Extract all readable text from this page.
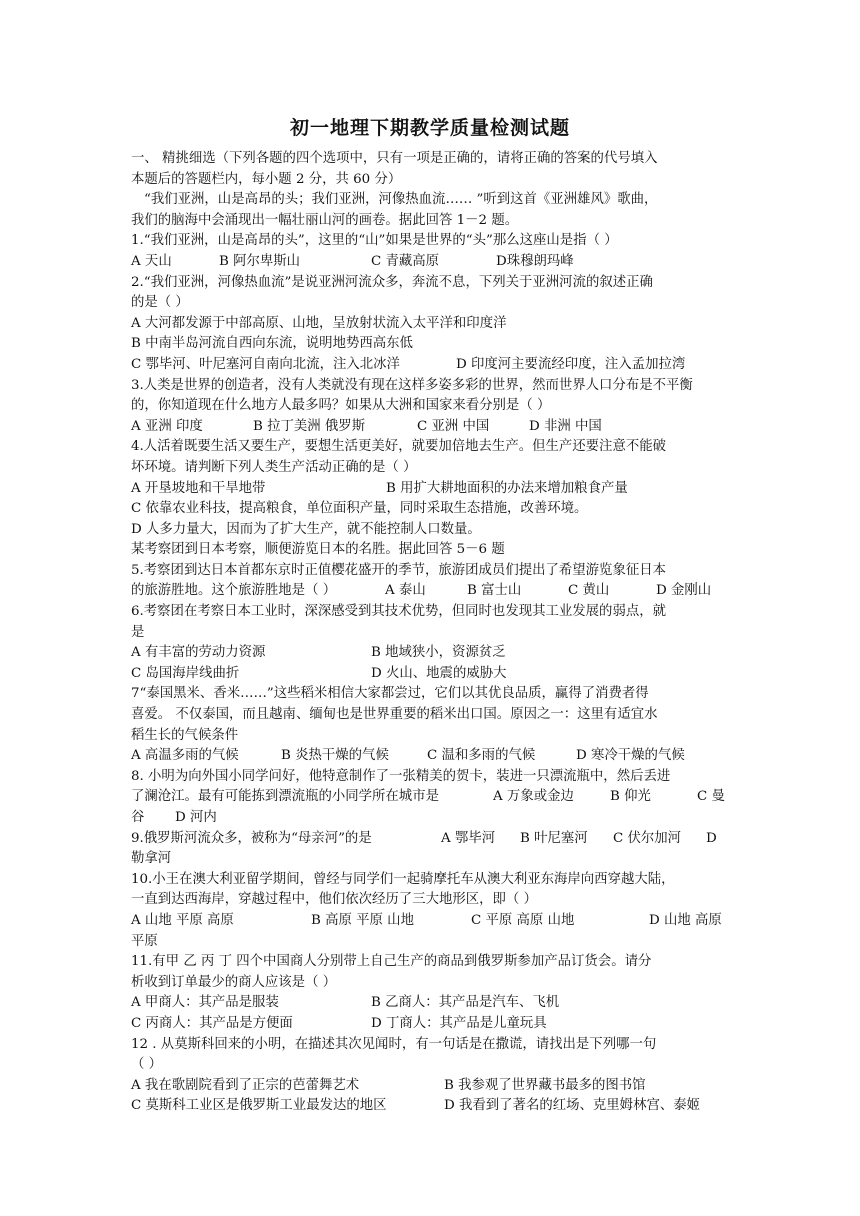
初一地理下期教学质量检测试题
一、 精挑细选（下列各题的四个选项中，只有一项是正确的，请将正确的答案的代号填入
本题后的答题栏内，每小题 2 分，共 60 分）
“我们亚洲，山是高昂的头；我们亚洲，河像热血流…… ”听到这首《亚洲雄风》歌曲，
我们的脑海中会涌现出一幅壮丽山河的画卷。据此回答 1－2 题。
1.“我们亚洲，山是高昂的头”，这里的“山”如果是世界的“头”那么这座山是指（ ）
A 天山	B 阿尔卑斯山	C 青藏高原	D珠穆朗玛峰
2.“我们亚洲，河像热血流”是说亚洲河流众多，奔流不息，下列关于亚洲河流的叙述正确
的是（ ）
A 大河都发源于中部高原、山地，呈放射状流入太平洋和印度洋
B 中南半岛河流自西向东流，说明地势西高东低
C 鄂毕河、叶尼塞河自南向北流，注入北冰洋	D 印度河主要流经印度，注入孟加拉湾
3.人类是世界的创造者，没有人类就没有现在这样多姿多彩的世界，然而世界人口分布是不平衡
的，你知道现在什么地方人最多吗？如果从大洲和国家来看分别是（ ）
A 亚洲 印度	B 拉丁美洲 俄罗斯	C 亚洲 中国	D 非洲 中国
4.人活着既要生活又要生产，要想生活更美好，就要加倍地去生产。但生产还要注意不能破
坏环境。请判断下列人类生产活动正确的是（ ）
A 开垦坡地和干旱地带	B 用扩大耕地面积的办法来增加粮食产量
C 依靠农业科技，提高粮食，单位面积产量，同时采取生态措施，改善环境。
D 人多力量大，因而为了扩大生产，就不能控制人口数量。
某考察团到日本考察，顺便游览日本的名胜。据此回答 5－6 题
5.考察团到达日本首都东京时正值樱花盛开的季节，旅游团成员们提出了希望游览象征日本
的旅游胜地。这个旅游胜地是（ ）	A 泰山	B 富士山	C 黄山	D 金刚山
6.考察团在考察日本工业时，深深感受到其技术优势，但同时也发现其工业发展的弱点，就
是
A 有丰富的劳动力资源	B 地域狭小，资源贫乏
C 岛国海岸线曲折	D 火山、地震的威胁大
7“泰国黑米、香米……”这些稻米相信大家都尝过，它们以其优良品质，赢得了消费者得
喜爱。 不仅泰国，而且越南、缅甸也是世界重要的稻米出口国。原因之一：这里有适宜水
稻生长的气候条件
A 高温多雨的气候	B 炎热干燥的气候	C 温和多雨的气候	D 寒冷干燥的气候
8. 小明为向外国小同学问好，他特意制作了一张精美的贺卡，装进一只漂流瓶中，然后丢进
了澜沧江。最有可能拣到漂流瓶的小同学所在城市是	A 万象或金边	B 仰光	C 曼
谷 D 河内
9.俄罗斯河流众多，被称为“母亲河”的是	A 鄂毕河 B 叶尼塞河 C 伏尔加河 D
勒拿河
10.小王在澳大利亚留学期间，曾经与同学们一起骑摩托车从澳大利亚东海岸向西穿越大陆，
一直到达西海岸，穿越过程中，他们依次经历了三大地形区，即（ ）
A 山地 平原 高原	B 高原 平原 山地	C 平原 高原 山地	D 山地 高原
平原
11.有甲 乙 丙 丁 四个中国商人分别带上自己生产的商品到俄罗斯参加产品订货会。请分
析收到订单最少的商人应该是（ ）
A 甲商人：其产品是服装	B 乙商人：其产品是汽车、飞机
C 丙商人：其产品是方便面	D 丁商人：其产品是儿童玩具
12 . 从莫斯科回来的小明，在描述其次见闻时，有一句话是在撒谎，请找出是下列哪一句
（ ）
A 我在歌剧院看到了正宗的芭蕾舞艺术	B 我参观了世界藏书最多的图书馆
C 莫斯科工业区是俄罗斯工业最发达的地区	D 我看到了著名的红场、克里姆林宫、泰姬
